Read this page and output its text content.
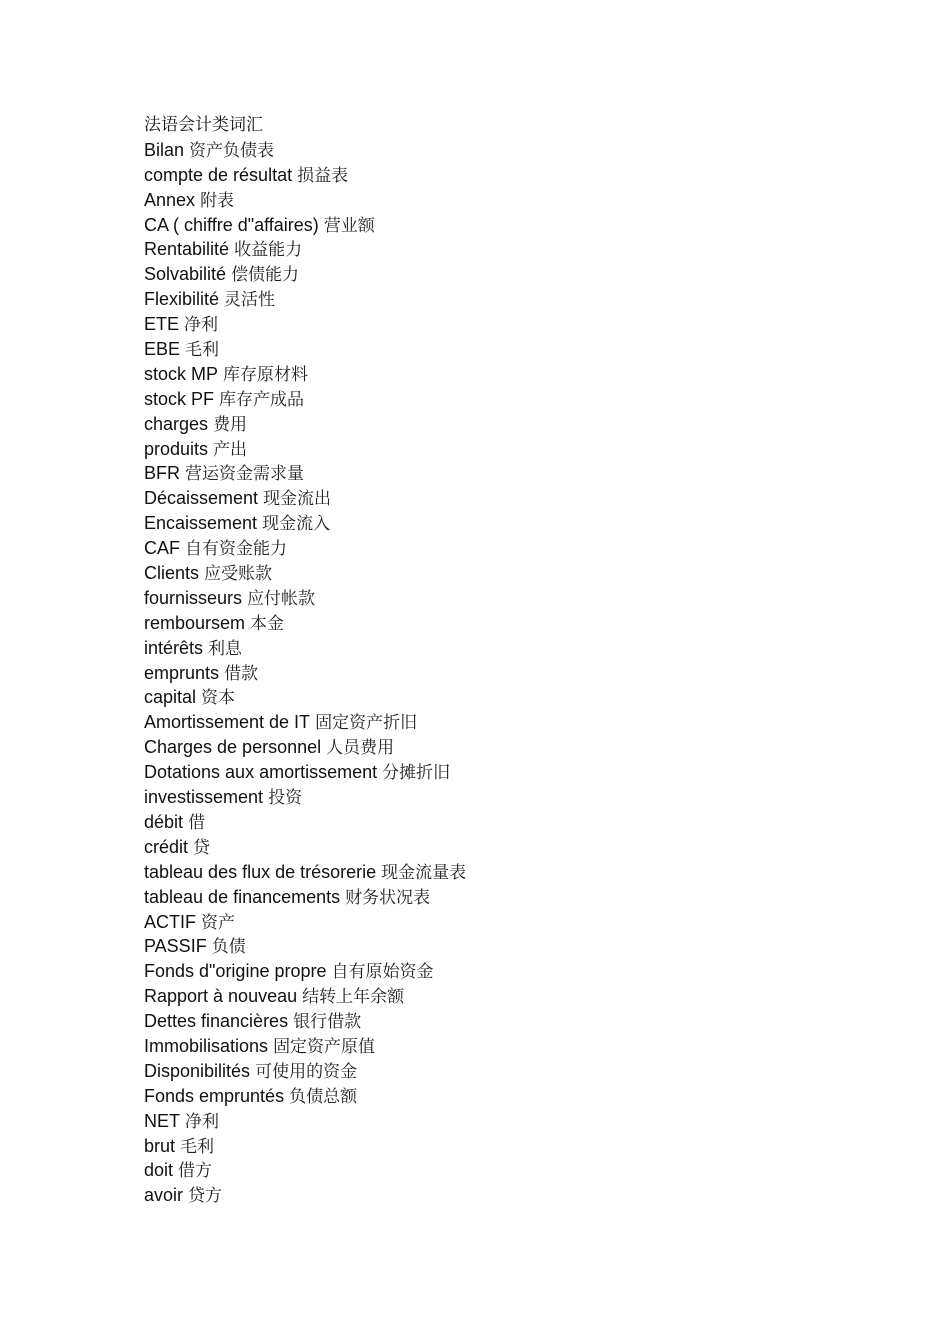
法语会计类词汇
Bilan 资产负债表
compte de résultat 损益表
Annex 附表
CA ( chiffre d"affaires) 营业额
Rentabilité 收益能力
Solvabilité 偿债能力
Flexibilité 灵活性
ETE 净利
EBE 毛利
stock MP 库存原材料
stock PF 库存产成品
charges 费用
produits 产出
BFR 营运资金需求量
Décaissement 现金流出
Encaissement 现金流入
CAF 自有资金能力
Clients 应受账款
fournisseurs 应付帐款
remboursem 本金
intérêts 利息
emprunts 借款
capital 资本
Amortissement de IT 固定资产折旧
Charges de personnel 人员费用
Dotations aux amortissement 分摊折旧
investissement 投资
débit 借
crédit 贷
tableau des flux de trésorerie 现金流量表
tableau de financements 财务状况表
ACTIF 资产
PASSIF 负债
Fonds d"origine propre 自有原始资金
Rapport à nouveau 结转上年余额
Dettes financières 银行借款
Immobilisations 固定资产原值
Disponibilités 可使用的资金
Fonds empruntés 负债总额
NET 净利
brut 毛利
doit 借方
avoir 贷方
